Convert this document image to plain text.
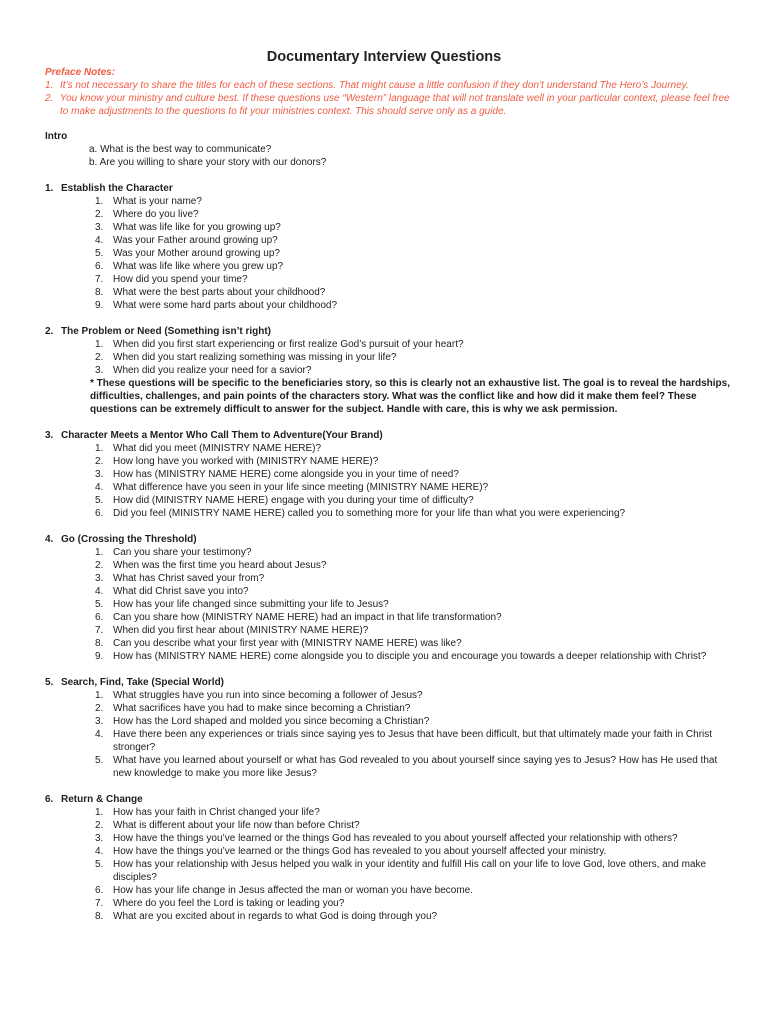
Documentary Interview Questions
Preface Notes:
1. It’s not necessary to share the titles for each of these sections. That might cause a little confusion if they don’t understand The Hero’s Journey.
2. You know your ministry and culture best. If these questions use “Western” language that will not translate well in your particular context, please feel free to make adjustments to the questions to fit your ministries context. This should serve only as a guide.
Intro
a. What is the best way to communicate?
b. Are you willing to share your story with our donors?
1. Establish the Character
1. What is your name?
2. Where do you live?
3. What was life like for you growing up?
4. Was your Father around growing up?
5. Was your Mother around growing up?
6. What was life like where you grew up?
7. How did you spend your time?
8. What were the best parts about your childhood?
9. What were some hard parts about your childhood?
2. The Problem or Need (Something isn’t right)
1. When did you first start experiencing or first realize God’s pursuit of your heart?
2. When did you start realizing something was missing in your life?
3. When did you realize your need for a savior?
* These questions will be specific to the beneficiaries story, so this is clearly not an exhaustive list. The goal is to reveal the hardships, difficulties, challenges, and pain points of the characters story. What was the conflict like and how did it make them feel? These questions can be extremely difficult to answer for the subject. Handle with care, this is why we ask permission.
3. Character Meets a Mentor Who Call Them to Adventure(Your Brand)
1. What did you meet (MINISTRY NAME HERE)?
2. How long have you worked with (MINISTRY NAME HERE)?
3. How has (MINISTRY NAME HERE) come alongside you in your time of need?
4. What difference have you seen in your life since meeting (MINISTRY NAME HERE)?
5. How did (MINISTRY NAME HERE) engage with you during your time of difficulty?
6. Did you feel (MINISTRY NAME HERE) called you to something more for your life than what you were experiencing?
4. Go (Crossing the Threshold)
1. Can you share your testimony?
2. When was the first time you heard about Jesus?
3. What has Christ saved your from?
4. What did Christ save you into?
5. How has your life changed since submitting your life to Jesus?
6. Can you share how (MINISTRY NAME HERE) had an impact in that life transformation?
7. When did you first hear about (MINISTRY NAME HERE)?
8. Can you describe what your first year with (MINISTRY NAME HERE) was like?
9. How has (MINISTRY NAME HERE) come alongside you to disciple you and encourage you towards a deeper relationship with Christ?
5. Search, Find, Take (Special World)
1. What struggles have you run into since becoming a follower of Jesus?
2. What sacrifices have you had to make since becoming a Christian?
3. How has the Lord shaped and molded you since becoming a Christian?
4. Have there been any experiences or trials since saying yes to Jesus that have been difficult, but that ultimately made your faith in Christ stronger?
5. What have you learned about yourself or what has God revealed to you about yourself since saying yes to Jesus? How has He used that new knowledge to make you more like Jesus?
6. Return & Change
1. How has your faith in Christ changed your life?
2. What is different about your life now than before Christ?
3. How have the things you’ve learned or the things God has revealed to you about yourself affected your relationship with others?
4. How have the things you’ve learned or the things God has revealed to you about yourself affected your ministry.
5. How has your relationship with Jesus helped you walk in your identity and fulfill His call on your life to love God, love others, and make disciples?
6. How has your life change in Jesus affected the man or woman you have become.
7. Where do you feel the Lord is taking or leading you?
8. What are you excited about in regards to what God is doing through you?
